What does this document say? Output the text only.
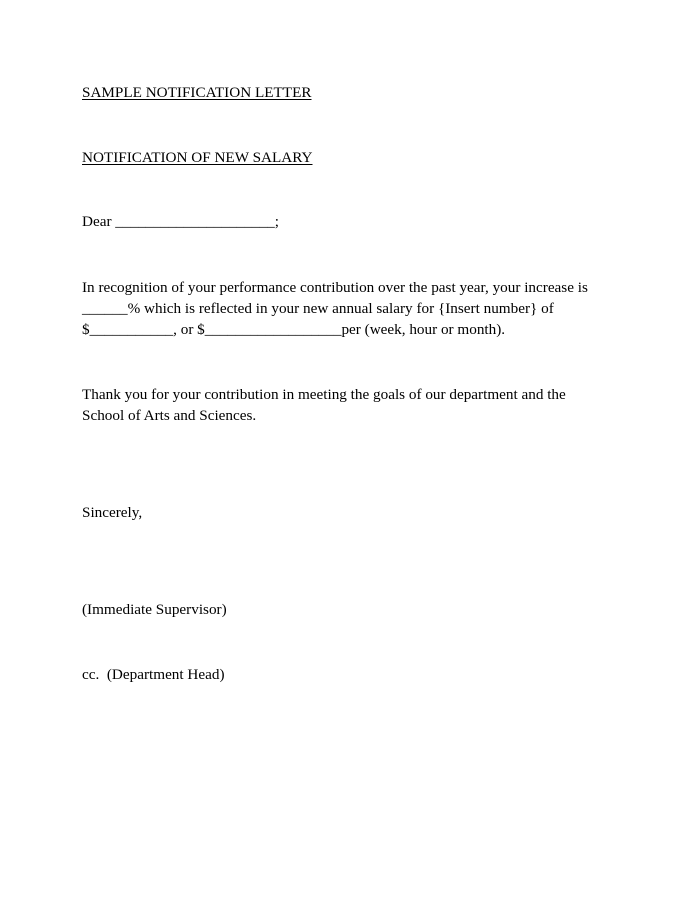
SAMPLE NOTIFICATION LETTER
NOTIFICATION OF NEW SALARY
Dear _____________________;
In recognition of your performance contribution over the past year, your increase is
______% which is reflected in your new annual salary for {Insert number} of
$___________, or $__________________per (week, hour or month).
Thank you for your contribution in meeting the goals of our department and the
School of Arts and Sciences.
Sincerely,
(Immediate Supervisor)
cc.  (Department Head)
